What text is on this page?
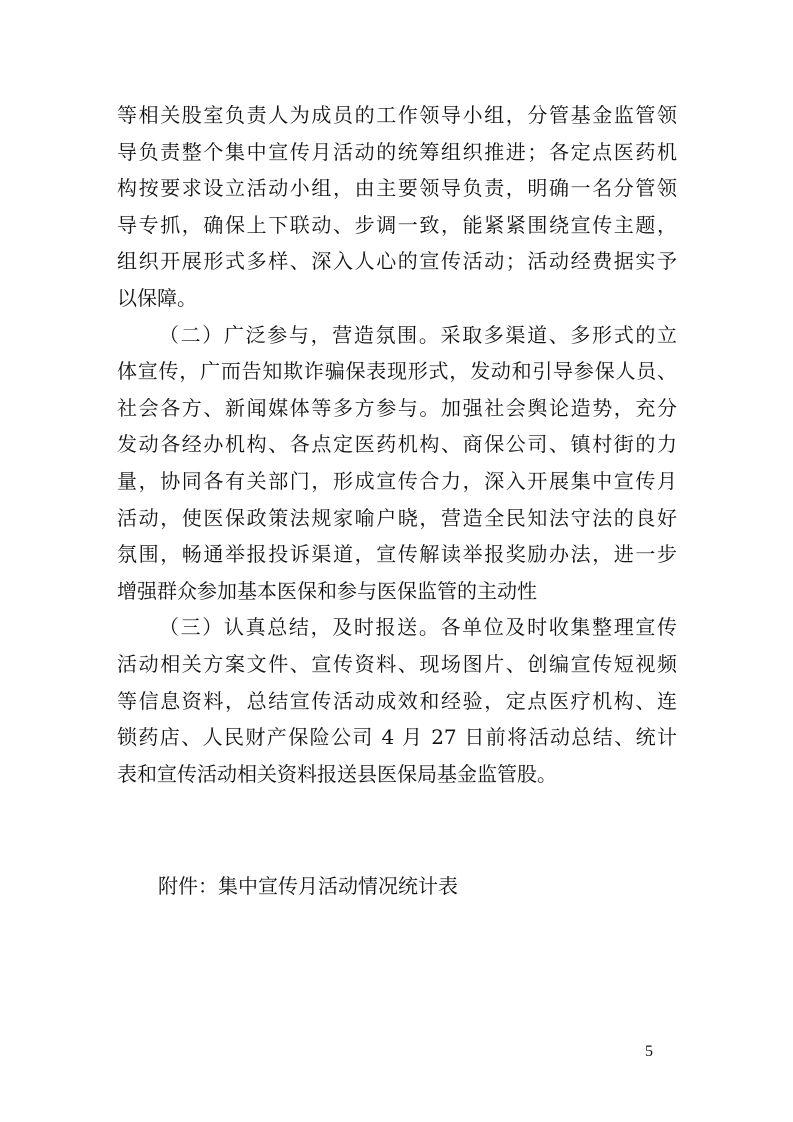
等相关股室负责人为成员的工作领导小组，分管基金监管领
导负责整个集中宣传月活动的统筹组织推进；各定点医药机
构按要求设立活动小组，由主要领导负责，明确一名分管领
导专抓，确保上下联动、步调一致，能紧紧围绕宣传主题，
组织开展形式多样、深入人心的宣传活动；活动经费据实予
以保障。
（二）广泛参与，营造氛围。采取多渠道、多形式的立
体宣传，广而告知欺诈骗保表现形式，发动和引导参保人员、
社会各方、新闻媒体等多方参与。加强社会舆论造势，充分
发动各经办机构、各点定医药机构、商保公司、镇村街的力
量，协同各有关部门，形成宣传合力，深入开展集中宣传月
活动，使医保政策法规家喻户晓，营造全民知法守法的良好
氛围，畅通举报投诉渠道，宣传解读举报奖励办法，进一步
增强群众参加基本医保和参与医保监管的主动性
（三）认真总结，及时报送。各单位及时收集整理宣传
活动相关方案文件、宣传资料、现场图片、创编宣传短视频
等信息资料，总结宣传活动成效和经验，定点医疗机构、连
锁药店、人民财产保险公司 4 月 27 日前将活动总结、统计
表和宣传活动相关资料报送县医保局基金监管股。
附件：集中宣传月活动情况统计表
5
